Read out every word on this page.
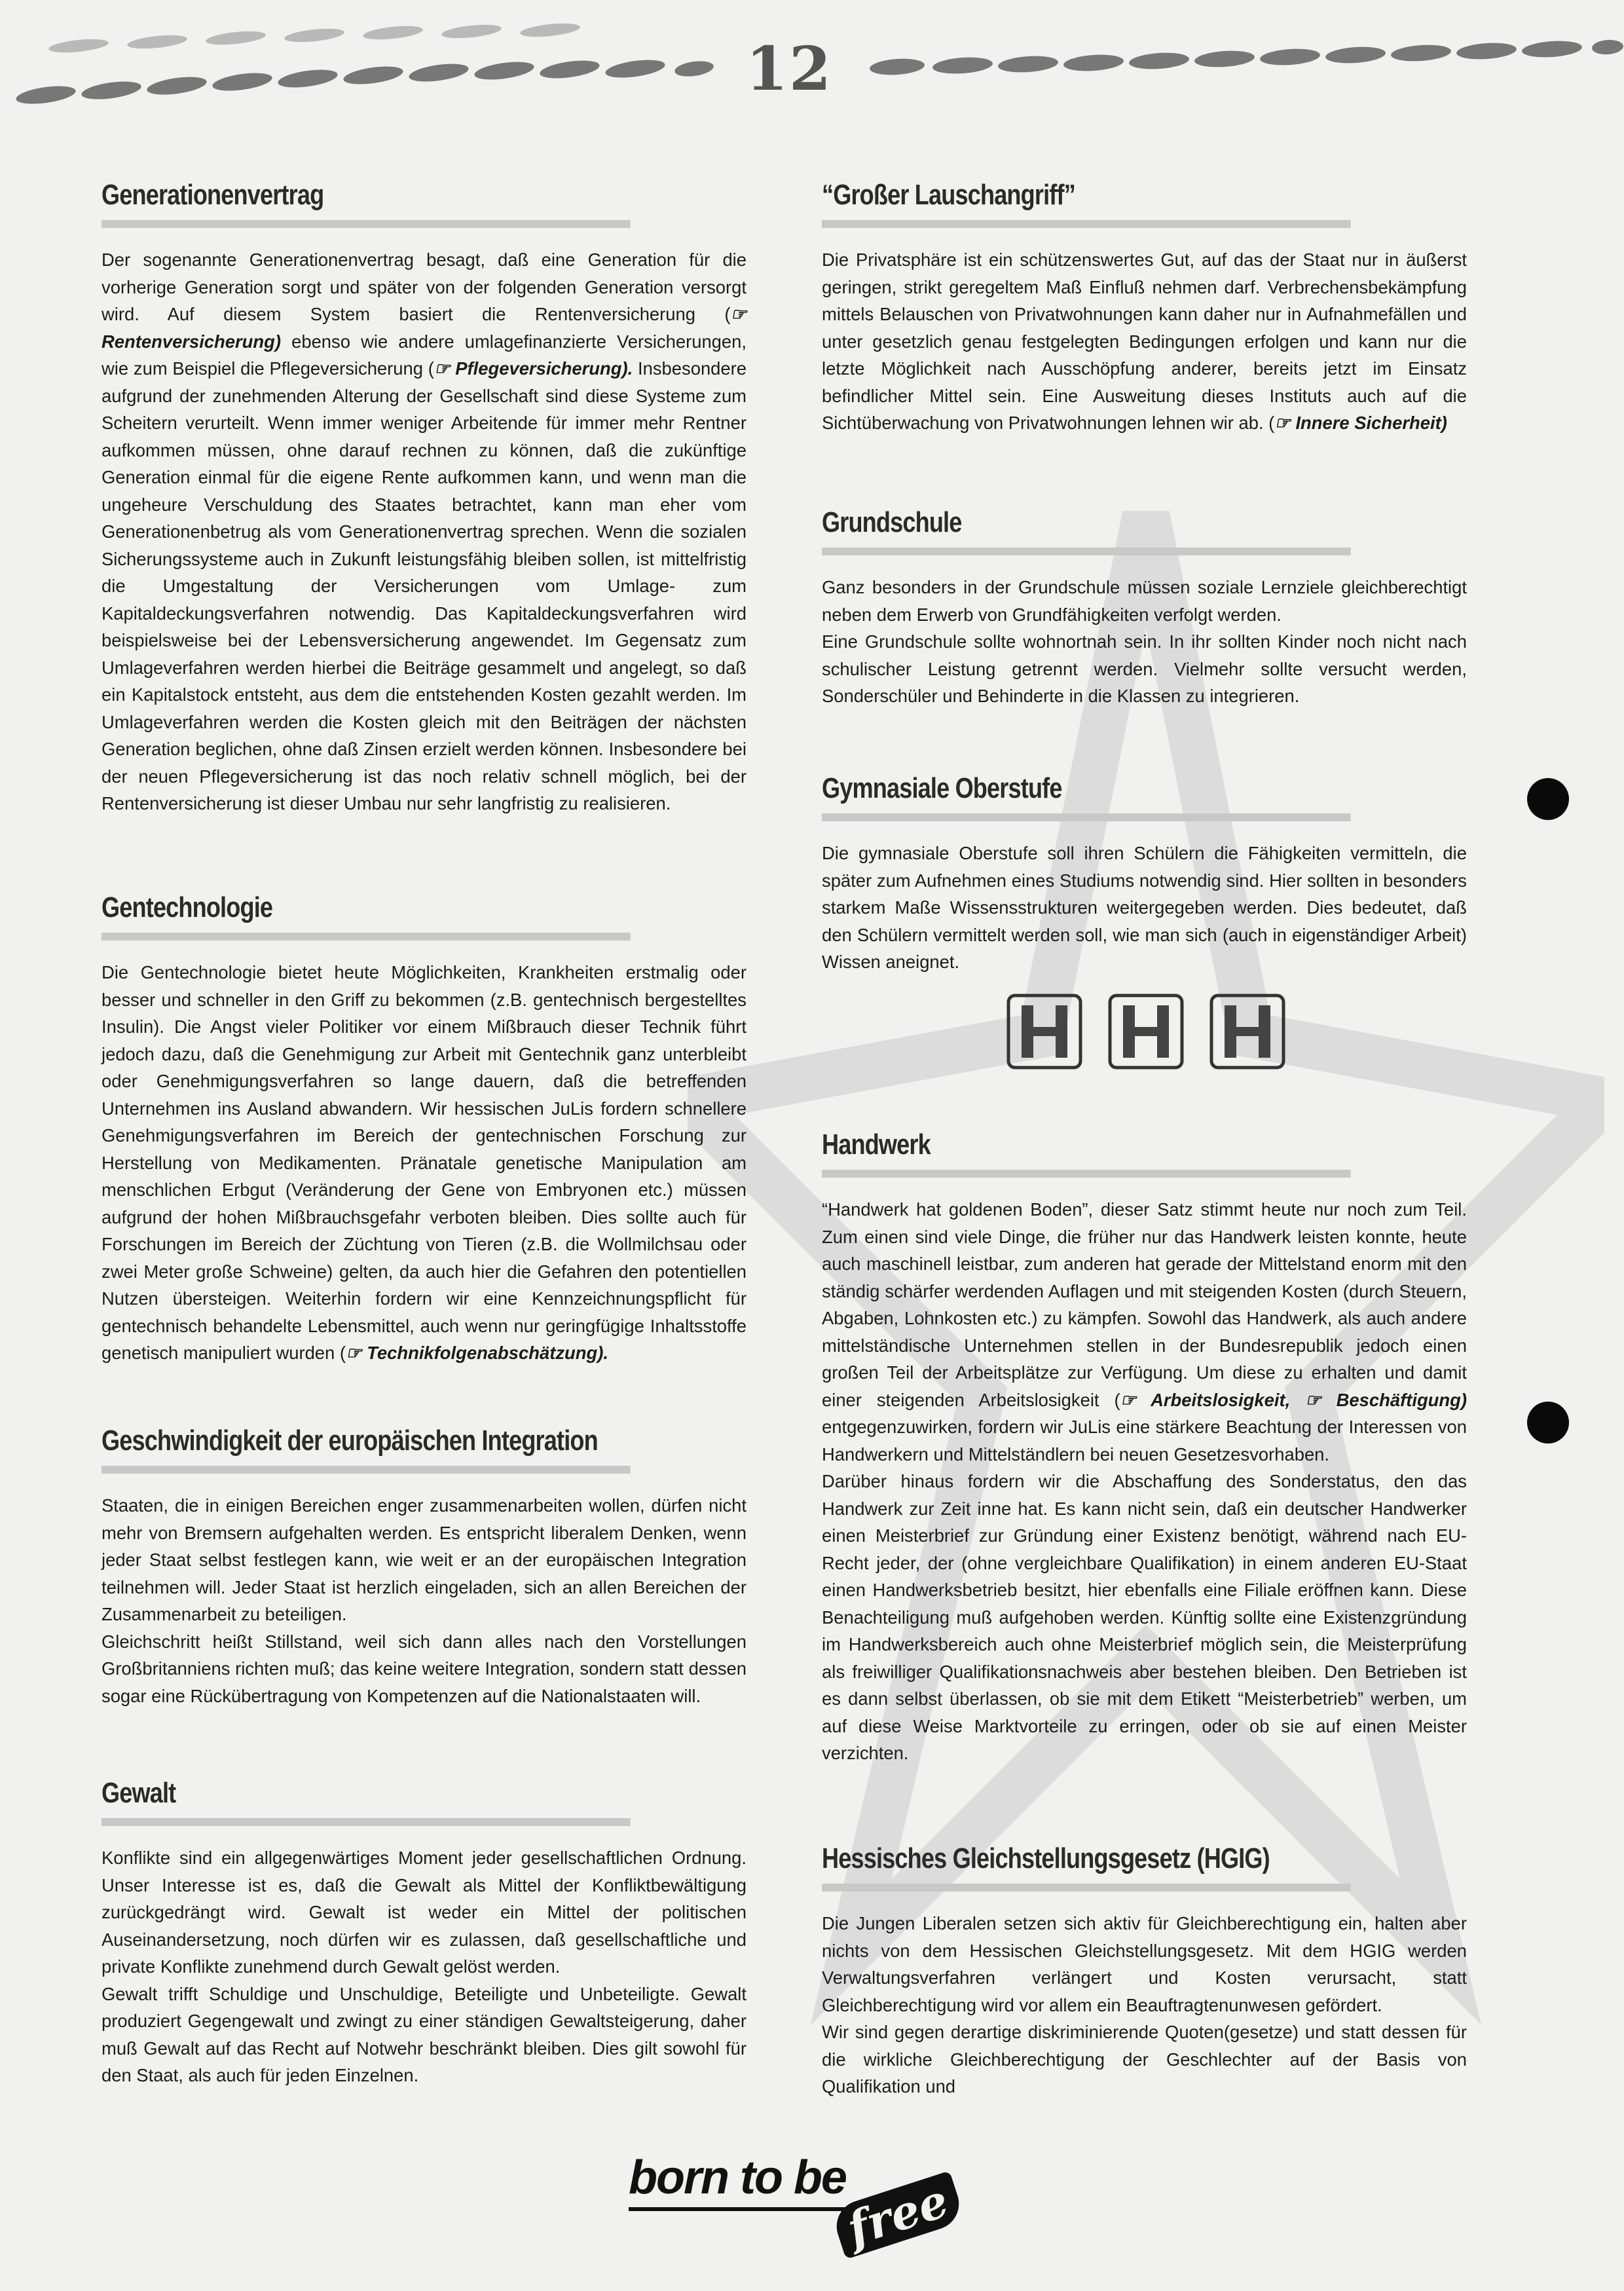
12
Generationenvertrag

Der sogenannte Generationenvertrag besagt, daß eine Generation für die vorherige Generation sorgt und später von der folgenden Generation versorgt wird. Auf diesem System basiert die Rentenversicherung (☞ Rentenversicherung) ebenso wie andere umlagefinanzierte Versicherungen, wie zum Beispiel die Pflegeversicherung (☞ Pflegeversicherung). Insbesondere aufgrund der zunehmenden Alterung der Gesellschaft sind diese Systeme zum Scheitern verurteilt. Wenn immer weniger Arbeitende für immer mehr Rentner aufkommen müssen, ohne darauf rechnen zu können, daß die zukünftige Generation einmal für die eigene Rente aufkommen kann, und wenn man die ungeheure Verschuldung des Staates betrachtet, kann man eher vom Generationenbetrug als vom Generationenvertrag sprechen. Wenn die sozialen Sicherungssysteme auch in Zukunft leistungsfähig bleiben sollen, ist mittelfristig die Umgestaltung der Versicherungen vom Umlage- zum Kapitaldeckungsverfahren notwendig. Das Kapitaldeckungsverfahren wird beispielsweise bei der Lebensversicherung angewendet. Im Gegensatz zum Umlageverfahren werden hierbei die Beiträge gesammelt und angelegt, so daß ein Kapitalstock entsteht, aus dem die entstehenden Kosten gezahlt werden. Im Umlageverfahren werden die Kosten gleich mit den Beiträgen der nächsten Generation beglichen, ohne daß Zinsen erzielt werden können. Insbesondere bei der neuen Pflegeversicherung ist das noch relativ schnell möglich, bei der Rentenversicherung ist dieser Umbau nur sehr langfristig zu realisieren.

Gentechnologie

Die Gentechnologie bietet heute Möglichkeiten, Krankheiten erstmalig oder besser und schneller in den Griff zu bekommen (z.B. gentechnisch bergestelltes Insulin). Die Angst vieler Politiker vor einem Mißbrauch dieser Technik führt jedoch dazu, daß die Genehmigung zur Arbeit mit Gentechnik ganz unterbleibt oder Genehmigungsverfahren so lange dauern, daß die betreffenden Unternehmen ins Ausland abwandern. Wir hessischen JuLis fordern schnellere Genehmigungsverfahren im Bereich der gentechnischen Forschung zur Herstellung von Medikamenten. Pränatale genetische Manipulation am menschlichen Erbgut (Veränderung der Gene von Embryonen etc.) müssen aufgrund der hohen Mißbrauchsgefahr verboten bleiben. Dies sollte auch für Forschungen im Bereich der Züchtung von Tieren (z.B. die Wollmilchsau oder zwei Meter große Schweine) gelten, da auch hier die Gefahren den potentiellen Nutzen übersteigen. Weiterhin fordern wir eine Kennzeichnungspflicht für gentechnisch behandelte Lebensmittel, auch wenn nur geringfügige Inhaltsstoffe genetisch manipuliert wurden (☞ Technikfolgenabschätzung).

Geschwindigkeit der europäischen Integration

Staaten, die in einigen Bereichen enger zusammenarbeiten wollen, dürfen nicht mehr von Bremsern aufgehalten werden. Es entspricht liberalem Denken, wenn jeder Staat selbst festlegen kann, wie weit er an der europäischen Integration teilnehmen will. Jeder Staat ist herzlich eingeladen, sich an allen Bereichen der Zusammenarbeit zu beteiligen.

Gleichschritt heißt Stillstand, weil sich dann alles nach den Vorstellungen Großbritanniens richten muß; das keine weitere Integration, sondern statt dessen sogar eine Rückübertragung von Kompetenzen auf die Nationalstaaten will.

Gewalt

Konflikte sind ein allgegenwärtiges Moment jeder gesellschaftlichen Ordnung. Unser Interesse ist es, daß die Gewalt als Mittel der Konfliktbewältigung zurückgedrängt wird. Gewalt ist weder ein Mittel der politischen Auseinandersetzung, noch dürfen wir es zulassen, daß gesellschaftliche und private Konflikte zunehmend durch Gewalt gelöst werden.

Gewalt trifft Schuldige und Unschuldige, Beteiligte und Unbeteiligte. Gewalt produziert Gegengewalt und zwingt zu einer ständigen Gewaltsteigerung, daher muß Gewalt auf das Recht auf Notwehr beschränkt bleiben. Dies gilt sowohl für den Staat, als auch für jeden Einzelnen.

“Großer Lauschangriff”

Die Privatsphäre ist ein schützenswertes Gut, auf das der Staat nur in äußerst geringen, strikt geregeltem Maß Einfluß nehmen darf. Verbrechensbekämpfung mittels Belauschen von Privatwohnungen kann daher nur in Aufnahmefällen und unter gesetzlich genau festgelegten Bedingungen erfolgen und kann nur die letzte Möglichkeit nach Ausschöpfung anderer, bereits jetzt im Einsatz befindlicher Mittel sein. Eine Ausweitung dieses Instituts auch auf die Sichtüberwachung von Privatwohnungen lehnen wir ab. (☞ Innere Sicherheit)

Grundschule

Ganz besonders in der Grundschule müssen soziale Lernziele gleichberechtigt neben dem Erwerb von Grundfähigkeiten verfolgt werden.

Eine Grundschule sollte wohnortnah sein. In ihr sollten Kinder noch nicht nach schulischer Leistung getrennt werden. Vielmehr sollte versucht werden, Sonderschüler und Behinderte in die Klassen zu integrieren.

Gymnasiale Oberstufe

Die gymnasiale Oberstufe soll ihren Schülern die Fähigkeiten vermitteln, die später zum Aufnehmen eines Studiums notwendig sind. Hier sollten in besonders starkem Maße Wissensstrukturen weitergegeben werden. Dies bedeutet, daß den Schülern vermittelt werden soll, wie man sich (auch in eigenständiger Arbeit) Wissen aneignet.

Handwerk

“Handwerk hat goldenen Boden”, dieser Satz stimmt heute nur noch zum Teil. Zum einen sind viele Dinge, die früher nur das Handwerk leisten konnte, heute auch maschinell leistbar, zum anderen hat gerade der Mittelstand enorm mit den ständig schärfer werdenden Auflagen und mit steigenden Kosten (durch Steuern, Abgaben, Lohnkosten etc.) zu kämpfen. Sowohl das Handwerk, als auch andere mittelständische Unternehmen stellen in der Bundesrepublik jedoch einen großen Teil der Arbeitsplätze zur Verfügung. Um diese zu erhalten und damit einer steigenden Arbeitslosigkeit (☞ Arbeitslosigkeit, ☞ Beschäftigung) entgegenzuwirken, fordern wir JuLis eine stärkere Beachtung der Interessen von Handwerkern und Mittelständlern bei neuen Gesetzesvorhaben.

Darüber hinaus fordern wir die Abschaffung des Sonderstatus, den das Handwerk zur Zeit inne hat. Es kann nicht sein, daß ein deutscher Handwerker einen Meisterbrief zur Gründung einer Existenz benötigt, während nach EU-Recht jeder, der (ohne vergleichbare Qualifikation) in einem anderen EU-Staat einen Handwerksbetrieb besitzt, hier ebenfalls eine Filiale eröffnen kann. Diese Benachteiligung muß aufgehoben werden. Künftig sollte eine Existenzgründung im Handwerksbereich auch ohne Meisterbrief möglich sein, die Meisterprüfung als freiwilliger Qualifikationsnachweis aber bestehen bleiben. Den Betrieben ist es dann selbst überlassen, ob sie mit dem Etikett “Meisterbetrieb” werben, um auf diese Weise Marktvorteile zu erringen, oder ob sie auf einen Meister verzichten.

Hessisches Gleichstellungsgesetz (HGIG)

Die Jungen Liberalen setzen sich aktiv für Gleichberechtigung ein, halten aber nichts von dem Hessischen Gleichstellungsgesetz. Mit dem HGIG werden Verwaltungsverfahren verlängert und Kosten verursacht, statt Gleichberechtigung wird vor allem ein Beauftragtenunwesen gefördert.

Wir sind gegen derartige diskriminierende Quoten(gesetze) und statt dessen für die wirkliche Gleichberechtigung der Geschlechter auf der Basis von Qualifikation und

born to be
free
